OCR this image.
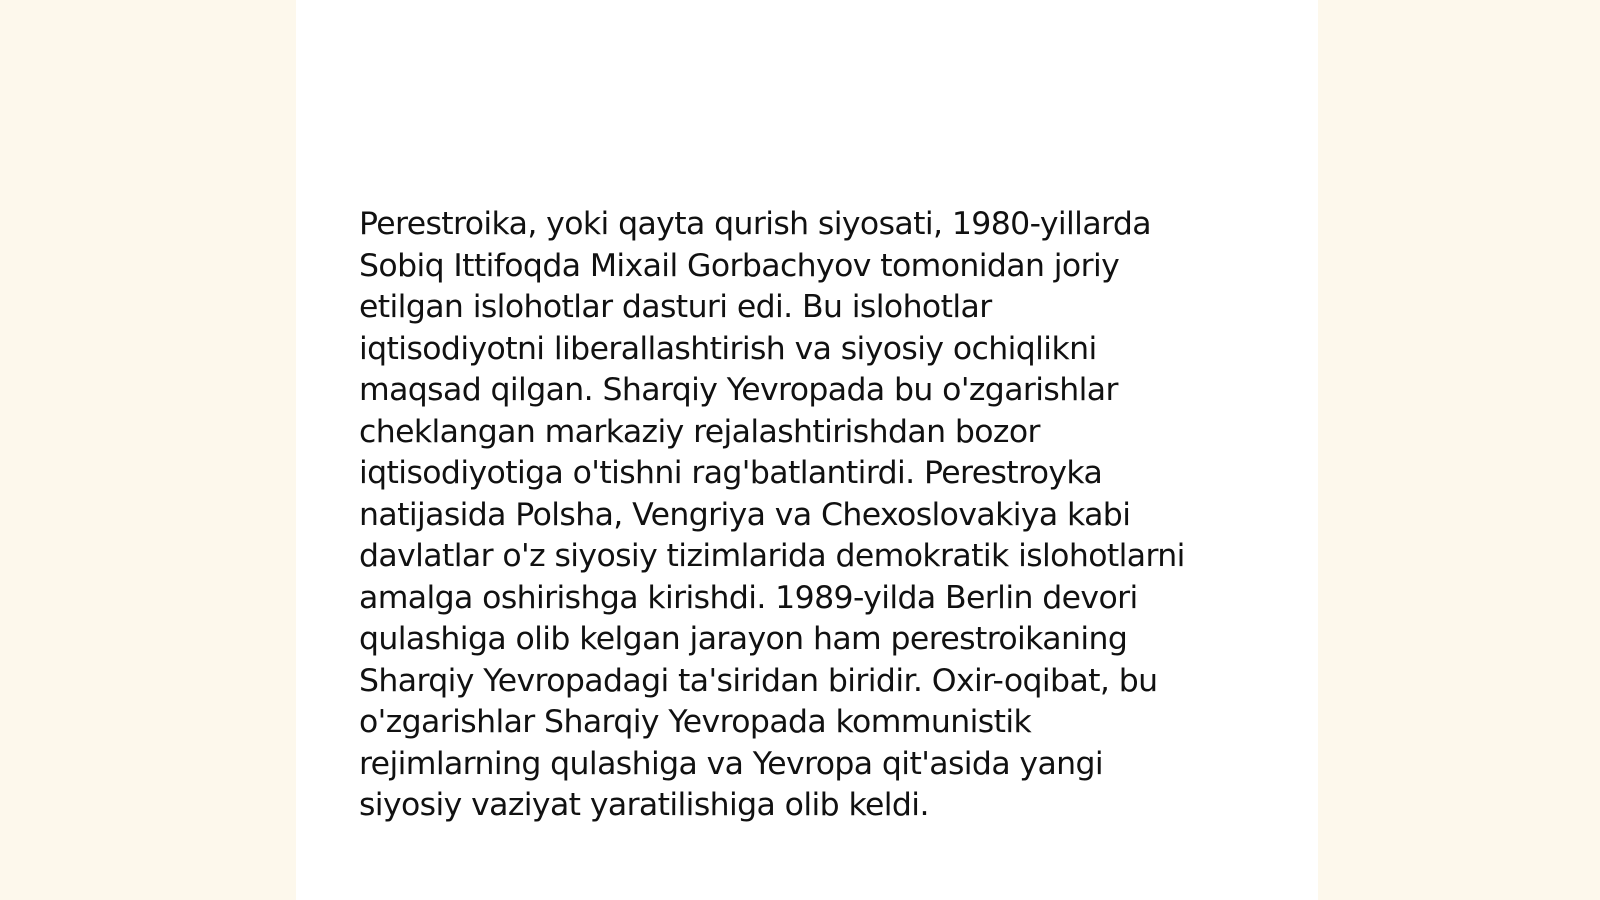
Perestroika, yoki qayta qurish siyosati, 1980-yillarda
Sobiq Ittifoqda Mixail Gorbachyov tomonidan joriy
etilgan islohotlar dasturi edi. Bu islohotlar
iqtisodiyotni liberallashtirish va siyosiy ochiqlikni
maqsad qilgan. Sharqiy Yevropada bu o'zgarishlar
cheklangan markaziy rejalashtirishdan bozor
iqtisodiyotiga o'tishni rag'batlantirdi. Perestroyka
natijasida Polsha, Vengriya va Chexoslovakiya kabi
davlatlar o'z siyosiy tizimlarida demokratik islohotlarni
amalga oshirishga kirishdi. 1989-yilda Berlin devori
qulashiga olib kelgan jarayon ham perestroikaning
Sharqiy Yevropadagi ta'siridan biridir. Oxir-oqibat, bu
o'zgarishlar Sharqiy Yevropada kommunistik
rejimlarning qulashiga va Yevropa qit'asida yangi
siyosiy vaziyat yaratilishiga olib keldi.
